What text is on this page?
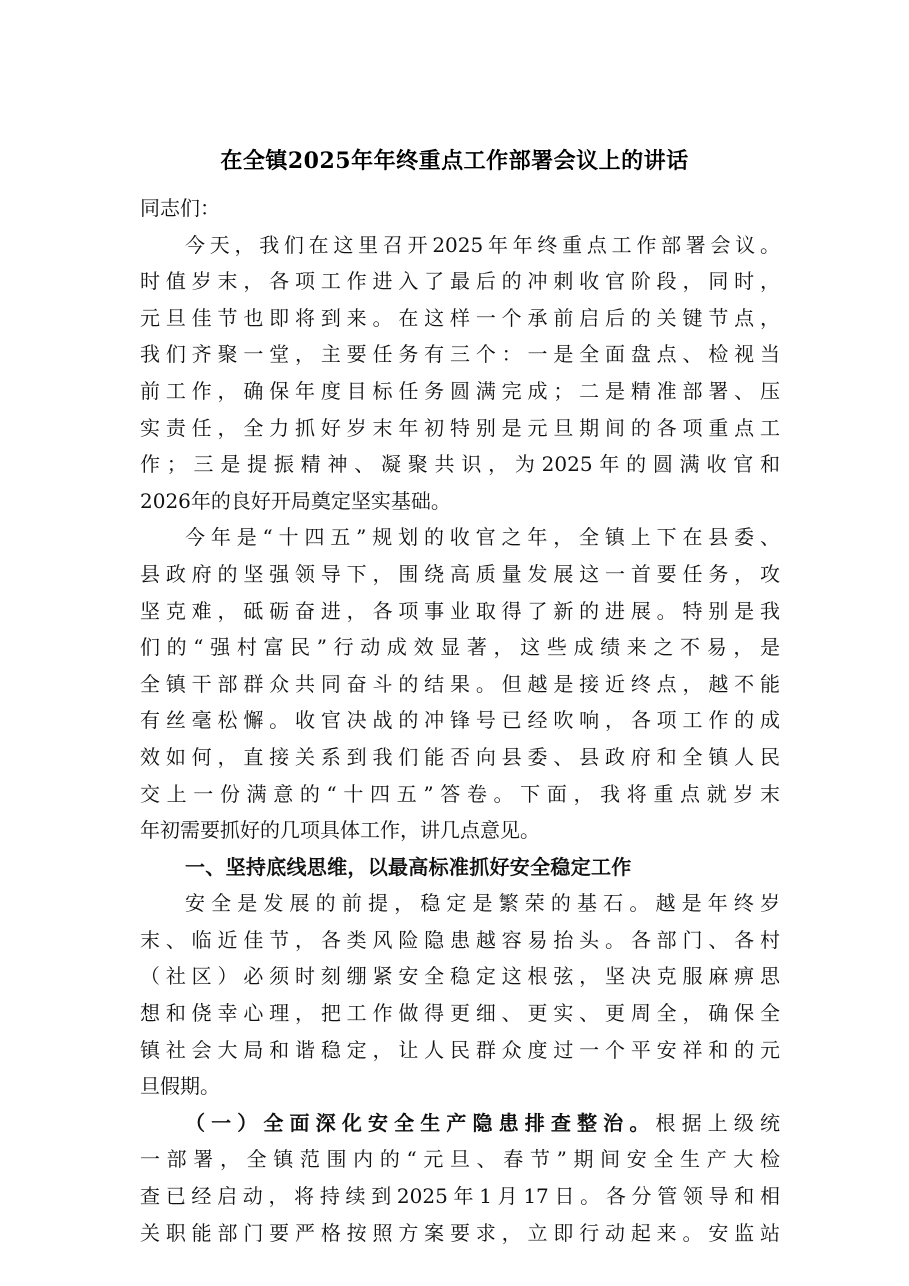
在全镇2025年年终重点工作部署会议上的讲话
同志们：
今天，我们在这里召开2025年年终重点工作部署会议。
时值岁末，各项工作进入了最后的冲刺收官阶段，同时，
元旦佳节也即将到来。在这样一个承前启后的关键节点，
我们齐聚一堂，主要任务有三个：一是全面盘点、检视当
前工作，确保年度目标任务圆满完成；二是精准部署、压
实责任，全力抓好岁末年初特别是元旦期间的各项重点工
作；三是提振精神、凝聚共识，为2025年的圆满收官和
2026年的良好开局奠定坚实基础。
今年是“十四五”规划的收官之年，全镇上下在县委、
县政府的坚强领导下，围绕高质量发展这一首要任务，攻
坚克难，砥砺奋进，各项事业取得了新的进展。特别是我
们的“强村富民”行动成效显著，这些成绩来之不易，是
全镇干部群众共同奋斗的结果。但越是接近终点，越不能
有丝毫松懈。收官决战的冲锋号已经吹响，各项工作的成
效如何，直接关系到我们能否向县委、县政府和全镇人民
交上一份满意的“十四五”答卷。下面，我将重点就岁末
年初需要抓好的几项具体工作，讲几点意见。
一、坚持底线思维，以最高标准抓好安全稳定工作
安全是发展的前提，稳定是繁荣的基石。越是年终岁
末、临近佳节，各类风险隐患越容易抬头。各部门、各村
（社区）必须时刻绷紧安全稳定这根弦，坚决克服麻痹思
想和侥幸心理，把工作做得更细、更实、更周全，确保全
镇社会大局和谐稳定，让人民群众度过一个平安祥和的元
旦假期。
（一）全面深化安全生产隐患排查整治。根据上级统
一部署，全镇范围内的“元旦、春节”期间安全生产大检
查已经启动，将持续到2025年1月17日。各分管领导和相
关职能部门要严格按照方案要求，立即行动起来。安监站
